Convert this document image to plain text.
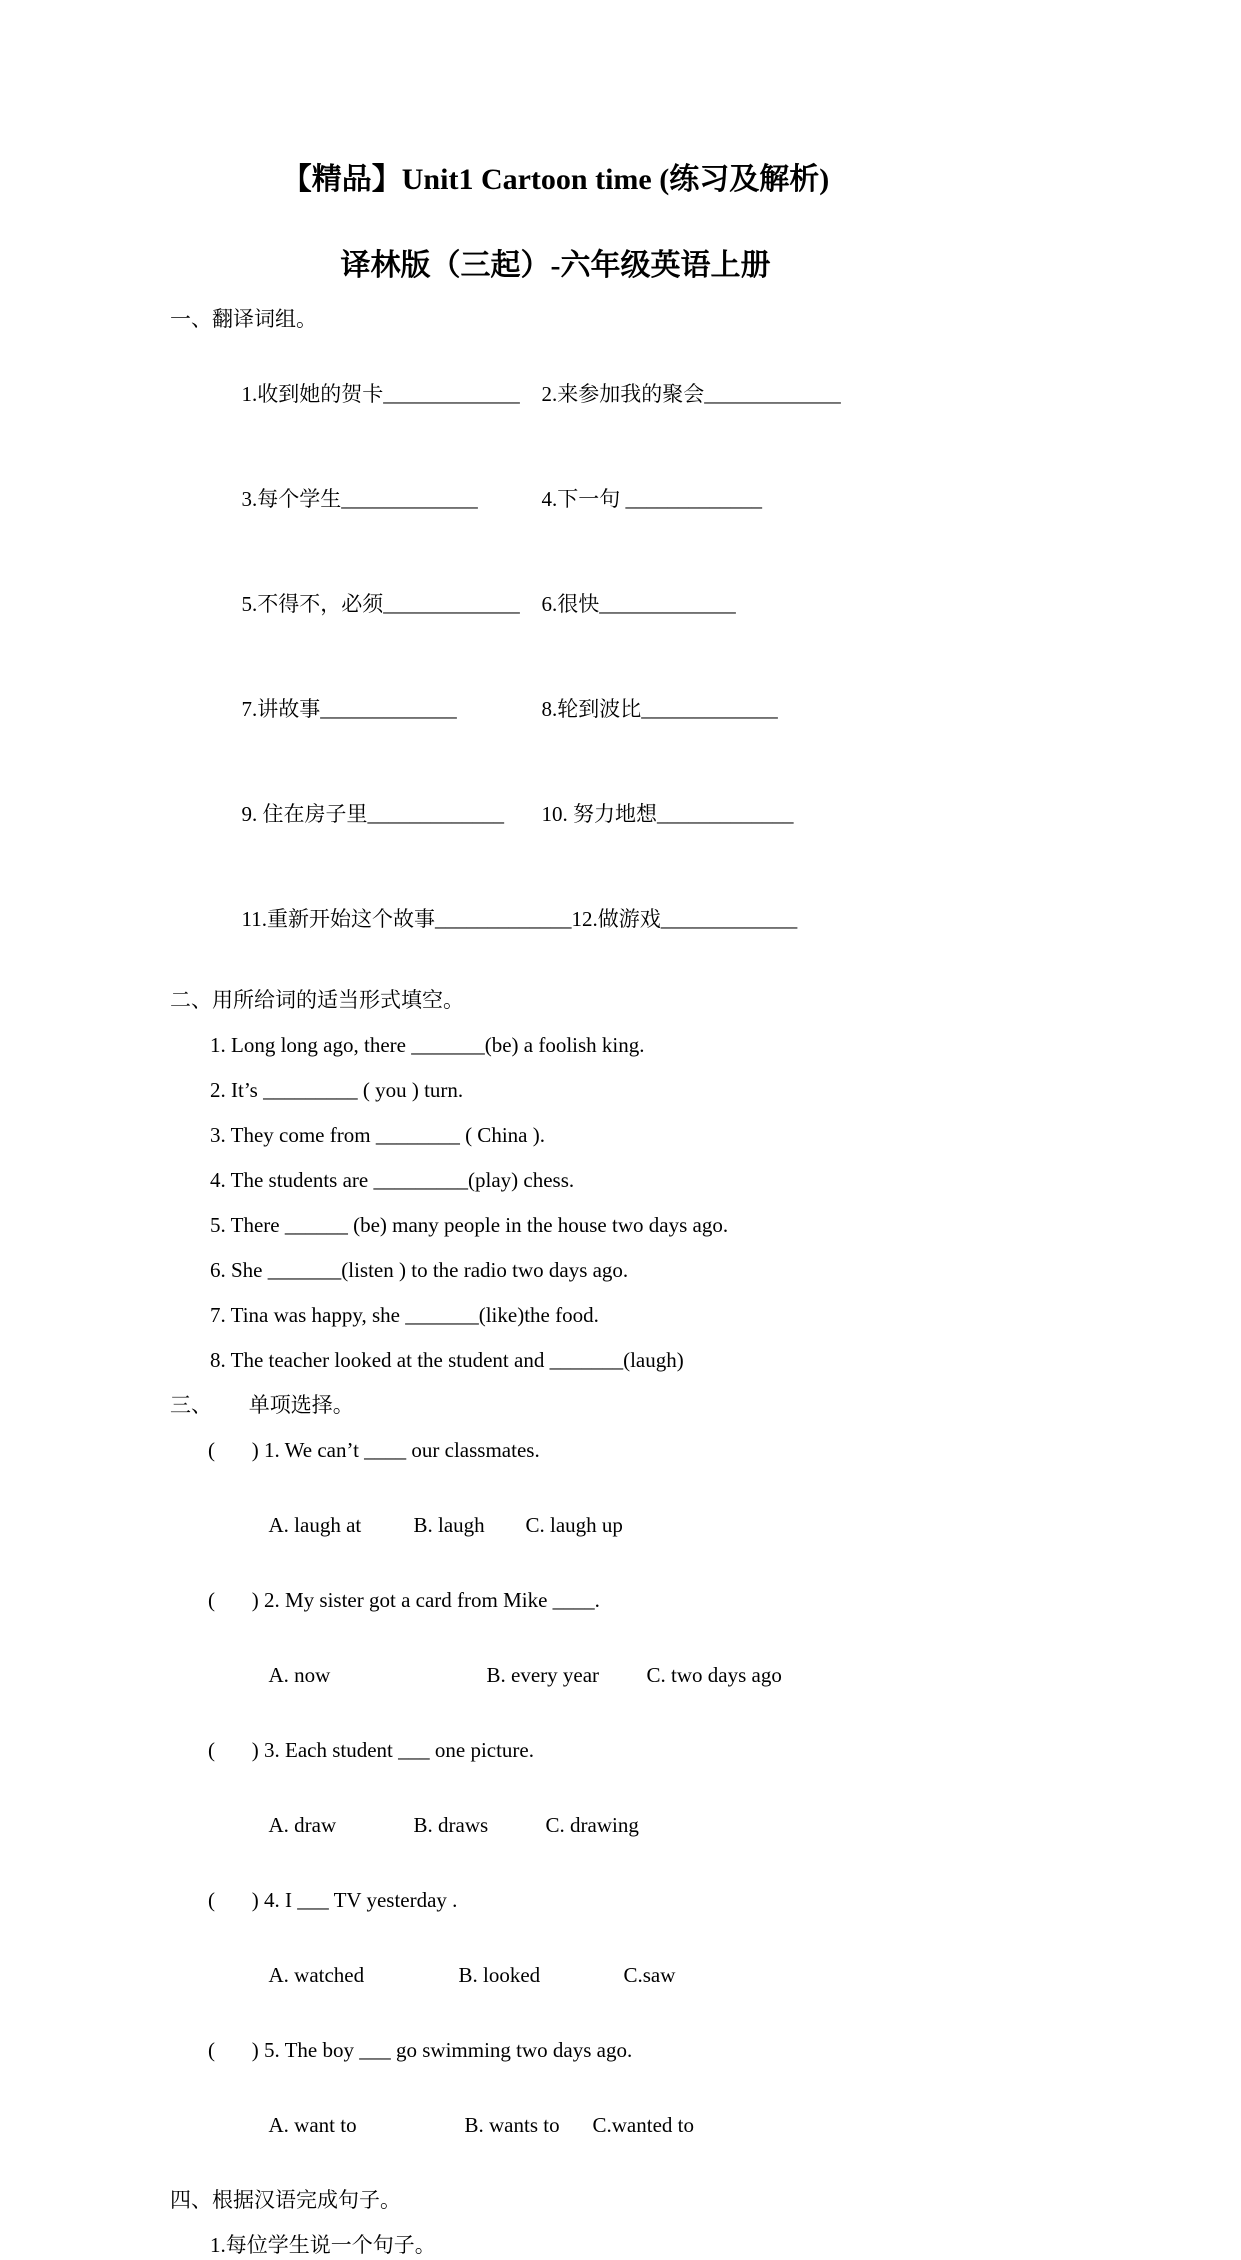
【精品】Unit1 Cartoon time (练习及解析)
译林版（三起）-六年级英语上册
一、翻译词组。

1.收到她的贺卡_____________ 2.来参加我的聚会_____________

3.每个学生_____________	4.下一句 _____________

5.不得不，必须_____________ 6.很快_____________

7.讲故事_____________	8.轮到波比_____________

9. 住在房子里_____________ 10. 努力地想_____________

11.重新开始这个故事_____________12.做游戏_____________

二、用所给词的适当形式填空。
1. Long long ago, there _______(be) a foolish king.
2. It’s _________ ( you ) turn.
3. They come from ________ ( China ).
4. The students are _________(play) chess.
5. There ______ (be) many people in the house two days ago.
6. She _______(listen ) to the radio two days ago.
7. Tina was happy, she _______(like)the food.
8. The teacher looked at the student and _______(laugh)
三、       单项选择。
(       ) 1. We can’t ____ our classmates.

A. laugh at B. laugh C. laugh up

(       ) 2. My sister got a card from Mike ____.

A. now	B. every year C. two days ago

(       ) 3. Each student ___ one picture.

A. draw	B. draws	C. drawing

(       ) 4. I ___ TV yesterday .

A. watched	B. looked	C.saw

(       ) 5. The boy ___ go swimming two days ago.

A. want to	B. wants to C.wanted to

四、根据汉语完成句子。
1.每位学生说一个句子。
